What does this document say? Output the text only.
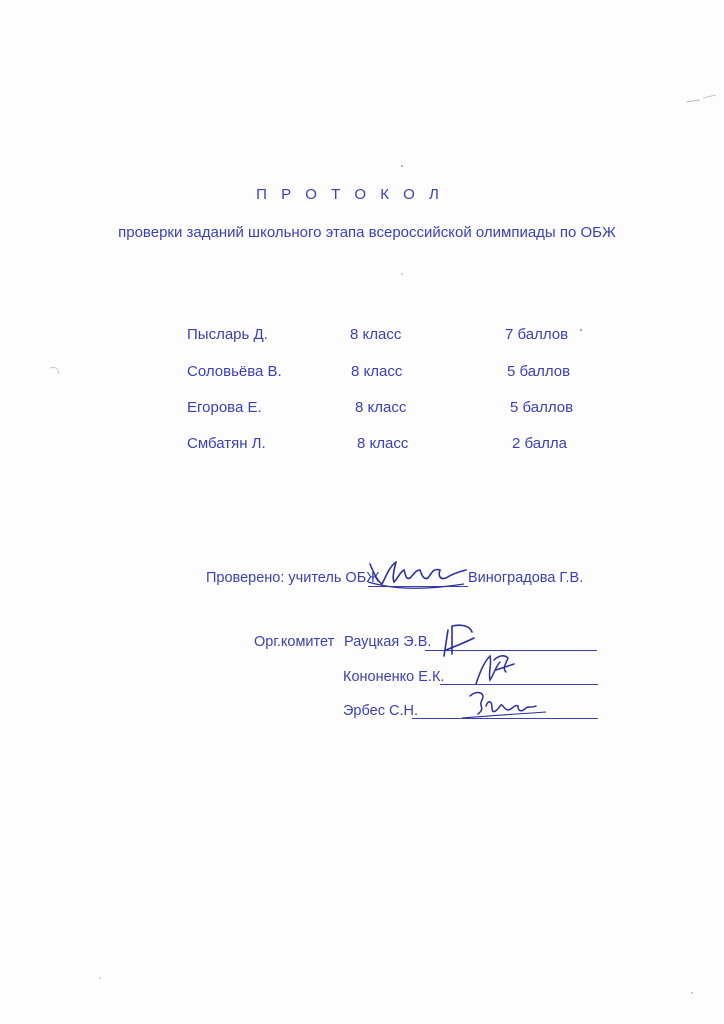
П Р О Т О К О Л
проверки заданий школьного этапа всероссийской олимпиады по ОБЖ
Пысларь Д.	8 класс	7 баллов
Соловьёва В.	8 класс	5 баллов
Егорова Е.	8 класс	5 баллов
Смбатян Л.	8 класс	2 балла
Проверено: учитель ОБЖ	Виноградова Г.В.
Орг.комитет Рауцкая Э.В.
Кононенко Е.К.
Эрбес С.Н.
